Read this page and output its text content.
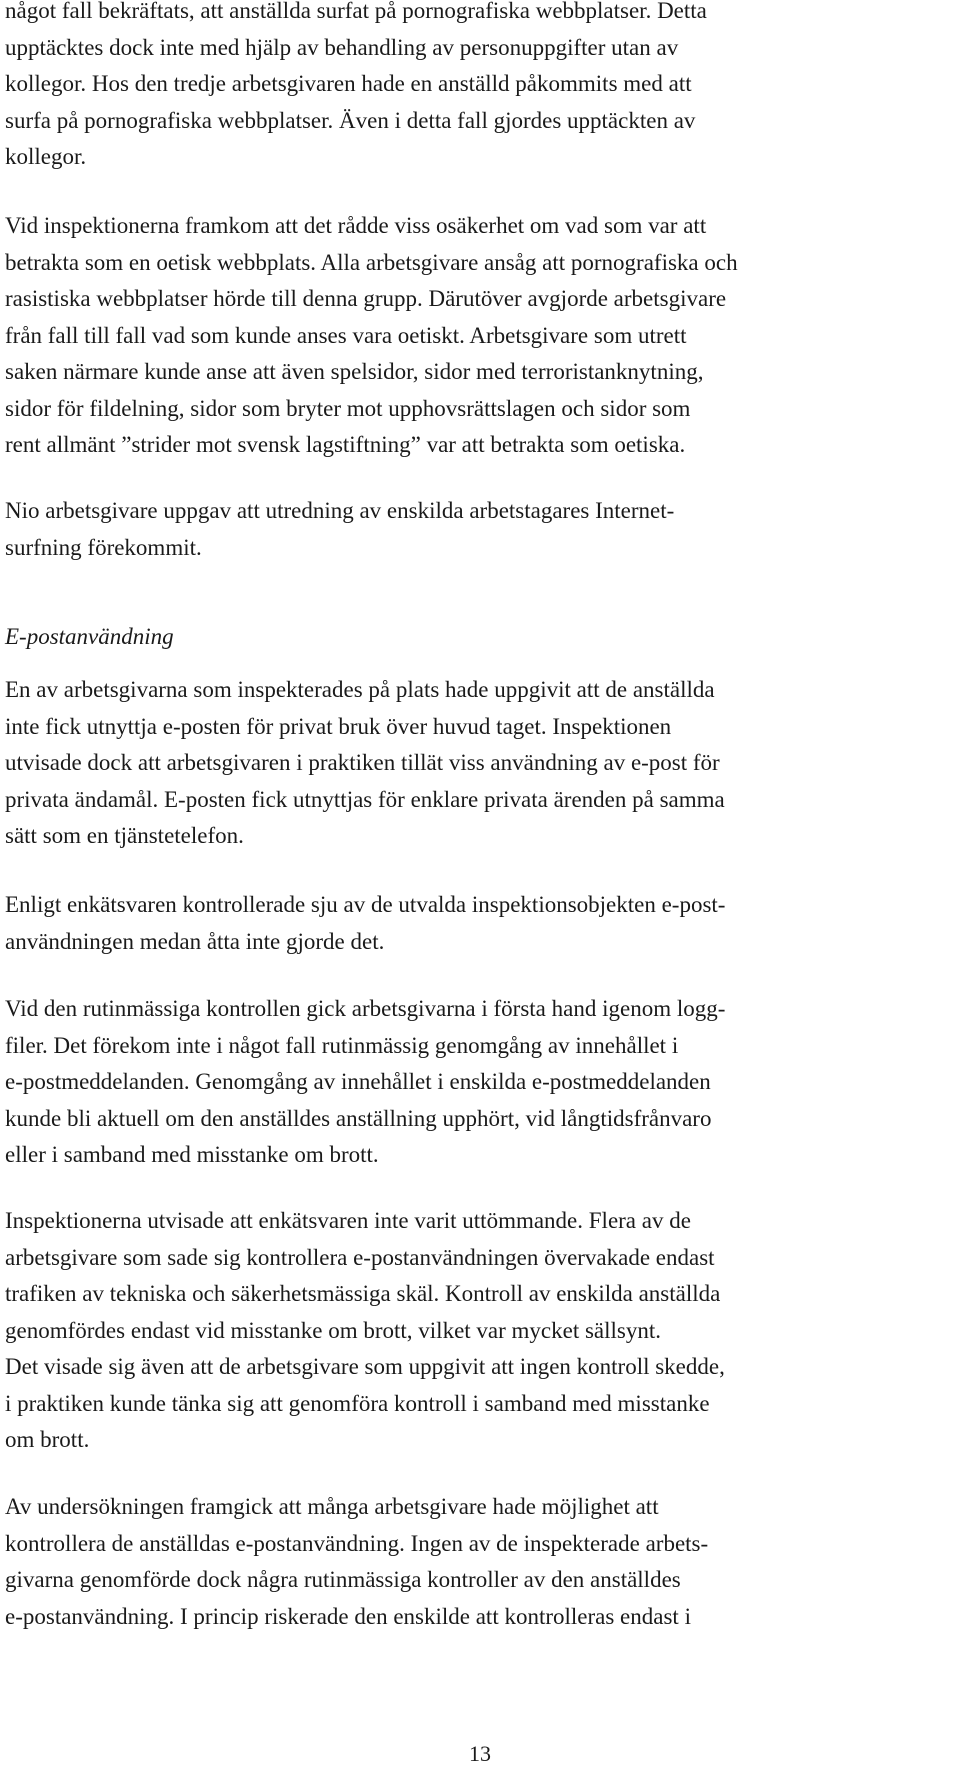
något fall bekräftats, att anställda surfat på pornografiska webbplatser. Detta
upptäcktes dock inte med hjälp av behandling av personuppgifter utan av
kollegor. Hos den tredje arbetsgivaren hade en anställd påkommits med att
surfa på pornografiska webbplatser. Även i detta fall gjordes upptäckten av
kollegor.

Vid inspektionerna framkom att det rådde viss osäkerhet om vad som var att
betrakta som en oetisk webbplats. Alla arbetsgivare ansåg att pornografiska och
rasistiska webbplatser hörde till denna grupp. Därutöver avgjorde arbetsgivare
från fall till fall vad som kunde anses vara oetiskt. Arbetsgivare som utrett
saken närmare kunde anse att även spelsidor, sidor med terroristanknytning,
sidor för fildelning, sidor som bryter mot upphovsrättslagen och sidor som
rent allmänt ”strider mot svensk lagstiftning” var att betrakta som oetiska.

Nio arbetsgivare uppgav att utredning av enskilda arbetstagares Internet-
surfning förekommit.

E-postanvändning

En av arbetsgivarna som inspekterades på plats hade uppgivit att de anställda
inte fick utnyttja e-posten för privat bruk över huvud taget. Inspektionen
utvisade dock att arbetsgivaren i praktiken tillät viss användning av e-post för
privata ändamål. E-posten fick utnyttjas för enklare privata ärenden på samma
sätt som en tjänstetelefon.

Enligt enkätsvaren kontrollerade sju av de utvalda inspektionsobjekten e-post-
användningen medan åtta inte gjorde det.

Vid den rutinmässiga kontrollen gick arbetsgivarna i första hand igenom logg-
filer. Det förekom inte i något fall rutinmässig genomgång av innehållet i
e-postmeddelanden. Genomgång av innehållet i enskilda e-postmeddelanden
kunde bli aktuell om den anställdes anställning upphört, vid långtidsfrånvaro
eller i samband med misstanke om brott.

Inspektionerna utvisade att enkätsvaren inte varit uttömmande. Flera av de
arbetsgivare som sade sig kontrollera e-postanvändningen övervakade endast
trafiken av tekniska och säkerhetsmässiga skäl. Kontroll av enskilda anställda
genomfördes endast vid misstanke om brott, vilket var mycket sällsynt.
Det visade sig även att de arbetsgivare som uppgivit att ingen kontroll skedde,
i praktiken kunde tänka sig att genomföra kontroll i samband med misstanke
om brott.

Av undersökningen framgick att många arbetsgivare hade möjlighet att
kontrollera de anställdas e-postanvändning. Ingen av de inspekterade arbets-
givarna genomförde dock några rutinmässiga kontroller av den anställdes
e-postanvändning. I princip riskerade den enskilde att kontrolleras endast i

13
